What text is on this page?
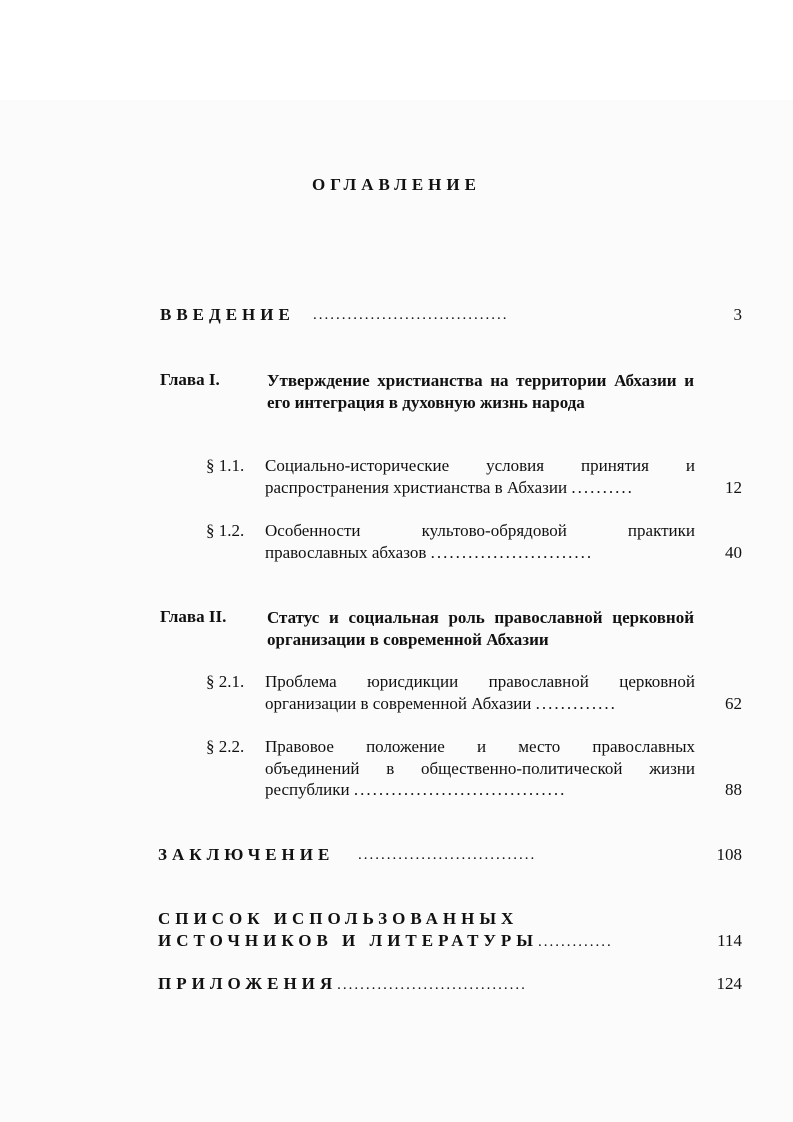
ОГЛАВЛЕНИЕ
ВВЕДЕНИЕ ..................................	3
Глава I.	Утверждение христианства на территории Абхазии и его интеграция в духовную жизнь народа
§ 1.1. Социально-исторические условия принятия и
распространения христианства в Абхазии ..........	12
§ 1.2. Особенности культово-обрядовой практики
православных абхазов ..........................	40
Глава II. Статус и социальная роль православной церковной организации в современной Абхазии
§ 2.1. Проблема юрисдикции православной церковной
организации в современной Абхазии .............	62
§ 2.2. Правовое положение и место православных
объединений в общественно-политической жизни
республики ..................................	88
ЗАКЛЮЧЕНИЕ ...............................	108
СПИСОК ИСПОЛЬЗОВАННЫХ
ИСТОЧНИКОВ И ЛИТЕРАТУРЫ.............	114
ПРИЛОЖЕНИЯ.................................	124
